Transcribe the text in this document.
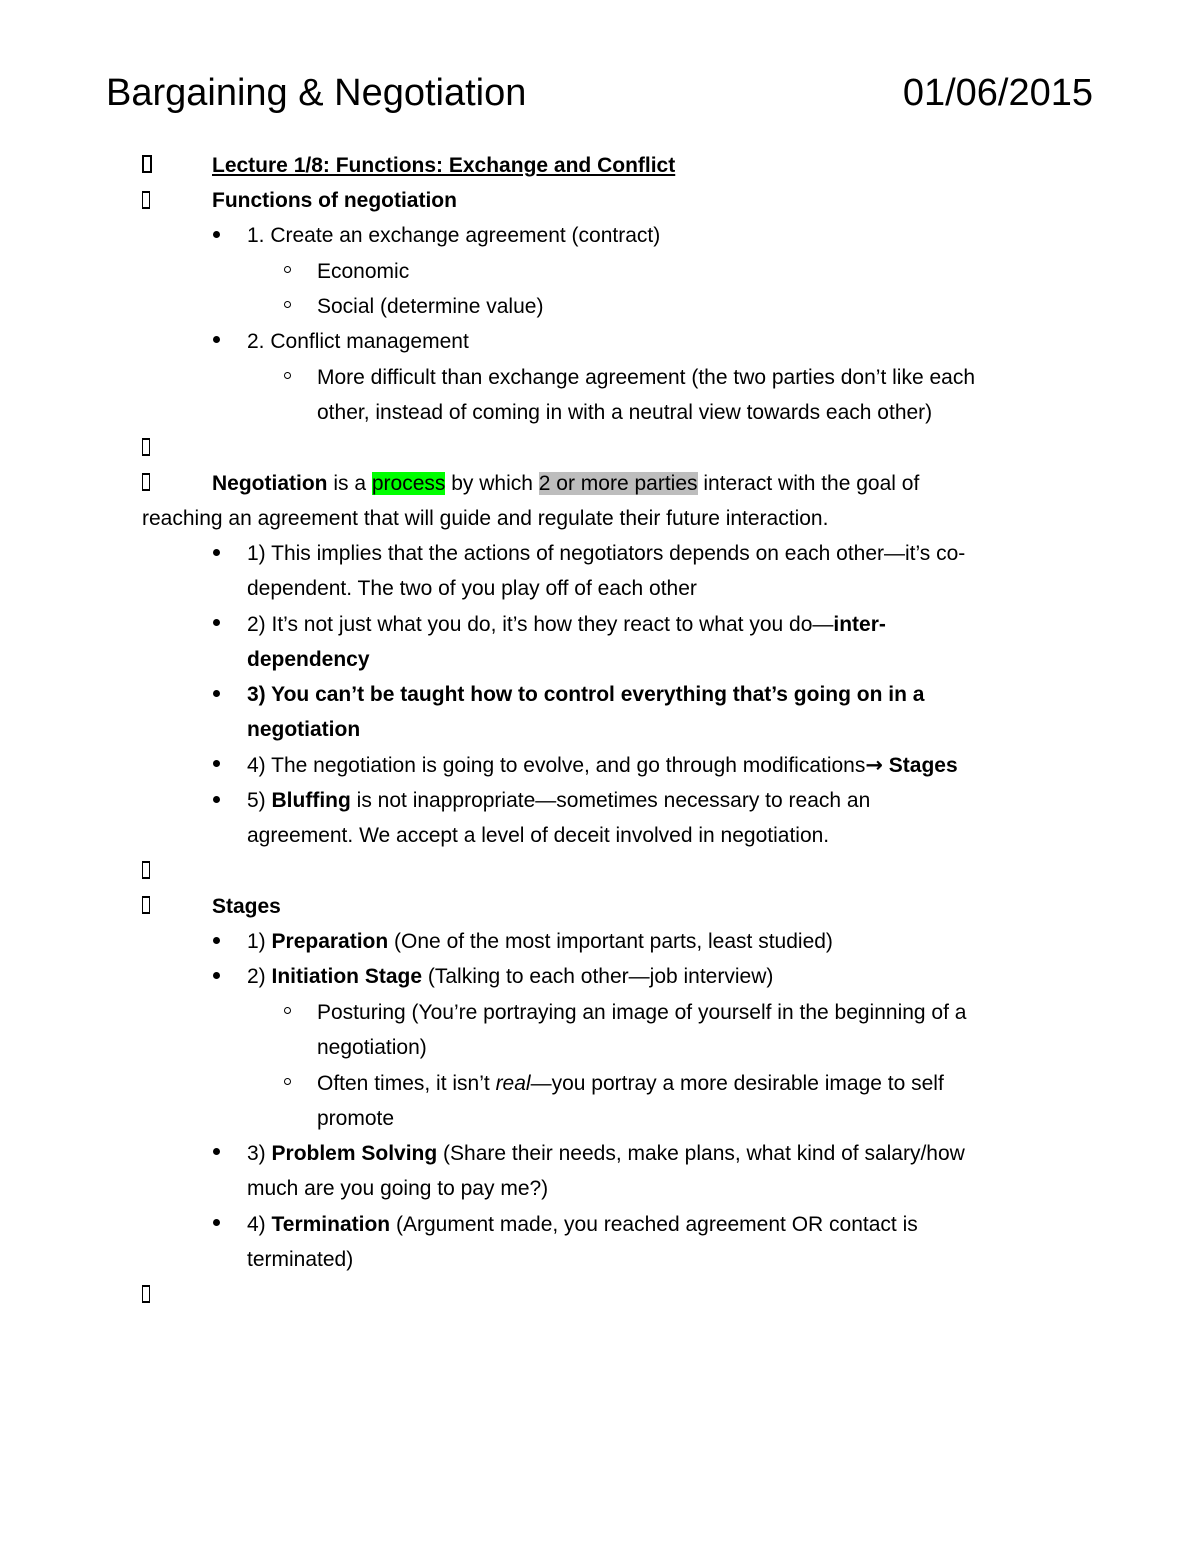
Bargaining & Negotiation	01/06/2015
Lecture 1/8: Functions: Exchange and Conflict
Functions of negotiation
1. Create an exchange agreement (contract)
Economic
Social (determine value)
2. Conflict management
More difficult than exchange agreement (the two parties don’t like each
other, instead of coming in with a neutral view towards each other)
Negotiation is a process by which 2 or more parties interact with the goal of
reaching an agreement that will guide and regulate their future interaction.
1) This implies that the actions of negotiators depends on each other—it’s co-
dependent. The two of you play off of each other
2) It’s not just what you do, it’s how they react to what you do—inter-
dependency
3) You can’t be taught how to control everything that’s going on in a
negotiation
4) The negotiation is going to evolve, and go through modifications→ Stages
5) Bluffing is not inappropriate—sometimes necessary to reach an
agreement. We accept a level of deceit involved in negotiation.
Stages
1) Preparation (One of the most important parts, least studied)
2) Initiation Stage (Talking to each other—job interview)
Posturing (You’re portraying an image of yourself in the beginning of a
negotiation)
Often times, it isn’t real—you portray a more desirable image to self
promote
3) Problem Solving (Share their needs, make plans, what kind of salary/how
much are you going to pay me?)
4) Termination (Argument made, you reached agreement OR contact is
terminated)
